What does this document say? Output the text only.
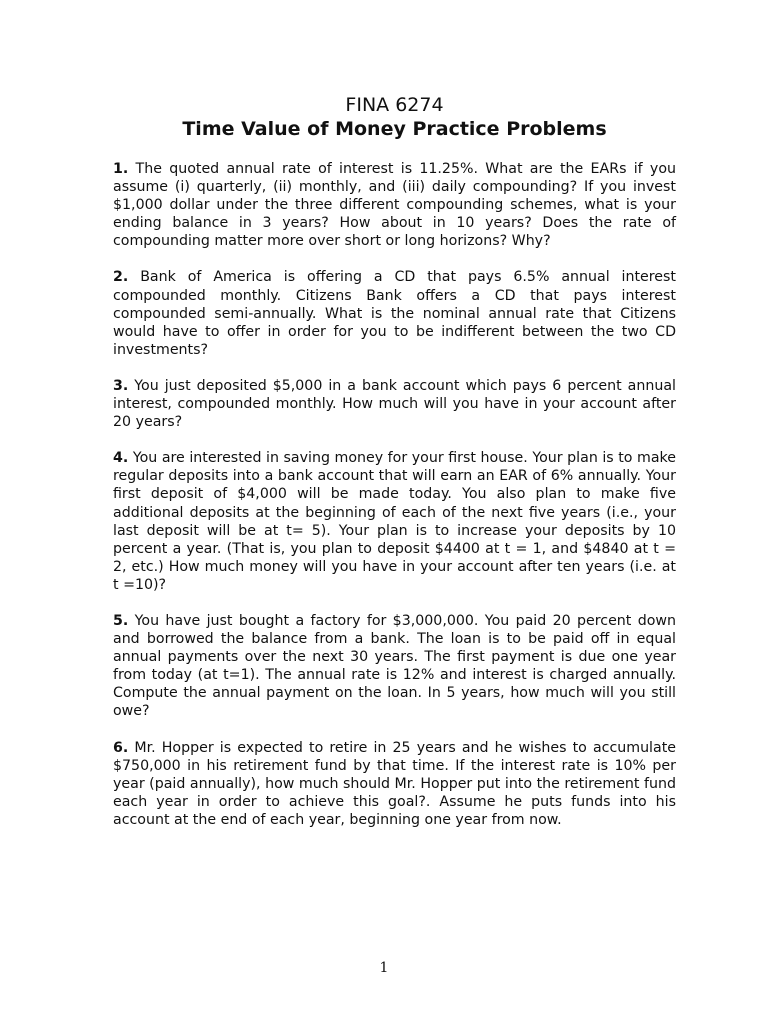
FINA 6274

Time Value of Money Practice Problems

1. The quoted annual rate of interest is 11.25%. What are the EARs if you assume (i) quarterly, (ii) monthly, and (iii) daily compounding? If you invest $1,000 dollar under the three different compounding schemes, what is your ending balance in 3 years? How about in 10 years? Does the rate of compounding matter more over short or long horizons? Why?

2. Bank of America is offering a CD that pays 6.5% annual interest compounded monthly. Citizens Bank offers a CD that pays interest compounded semi-annually. What is the nominal annual rate that Citizens would have to offer in order for you to be indifferent between the two CD investments?

3. You just deposited $5,000 in a bank account which pays 6 percent annual interest, compounded monthly. How much will you have in your account after 20 years?

4. You are interested in saving money for your first house. Your plan is to make regular deposits into a bank account that will earn an EAR of 6% annually. Your first deposit of $4,000 will be made today. You also plan to make five additional deposits at the beginning of each of the next five years (i.e., your last deposit will be at t= 5). Your plan is to increase your deposits by 10 percent a year. (That is, you plan to deposit $4400 at t = 1, and $4840 at t = 2, etc.) How much money will you have in your account after ten years (i.e. at t =10)?

5. You have just bought a factory for $3,000,000. You paid 20 percent down and borrowed the balance from a bank. The loan is to be paid off in equal annual payments over the next 30 years. The first payment is due one year from today (at t=1). The annual rate is 12% and interest is charged annually. Compute the annual payment on the loan. In 5 years, how much will you still owe?

6. Mr. Hopper is expected to retire in 25 years and he wishes to accumulate $750,000 in his retirement fund by that time. If the interest rate is 10% per year (paid annually), how much should Mr. Hopper put into the retirement fund each year in order to achieve this goal?. Assume he puts funds into his account at the end of each year, beginning one year from now.

1
